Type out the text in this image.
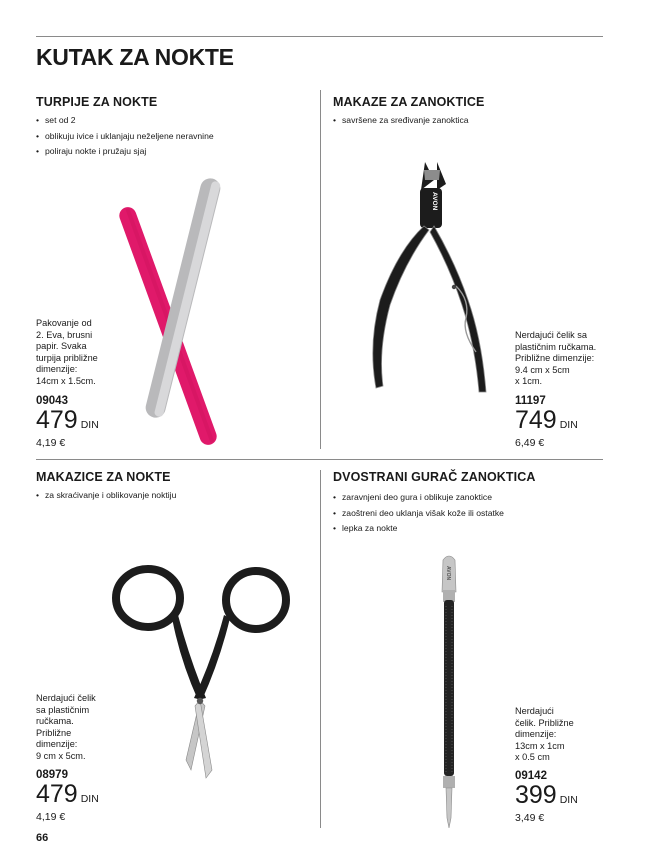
KUTAK ZA NOKTE
TURPIJE ZA NOKTE
• set od 2
• oblikuju ivice i uklanjaju neželjene neravnine
• poliraju nokte i pružaju sjaj
Pakovanje od
2. Eva, brusni
papir. Svaka
turpija približne
dimenzije:
14cm x 1.5cm.
09043
479 DIN
4,19 €
MAKAZE ZA ZANOKTICE
• savršene za sređivanje zanoktica
Nerdajući čelik sa
plastičnim ručkama.
Približne dimenzije:
9.4 cm x 5cm
x 1cm.
11197
749 DIN
6,49 €
AVON
MAKAZICE ZA NOKTE
• za skraćivanje i oblikovanje noktiju
Nerdajući čelik
sa plastičnim
ručkama.
Približne
dimenzije:
9 cm x 5cm.
08979
479 DIN
4,19 €
66
DVOSTRANI GURAČ ZANOKTICA
• zaravnjeni deo gura i oblikuje zanoktice
• zaoštreni deo uklanja višak kože ili ostatke
• lepka za nokte
Nerdajući
čelik. Približne
dimenzije:
13cm x 1cm
x 0.5 cm
09142
399 DIN
3,49 €
AVON
